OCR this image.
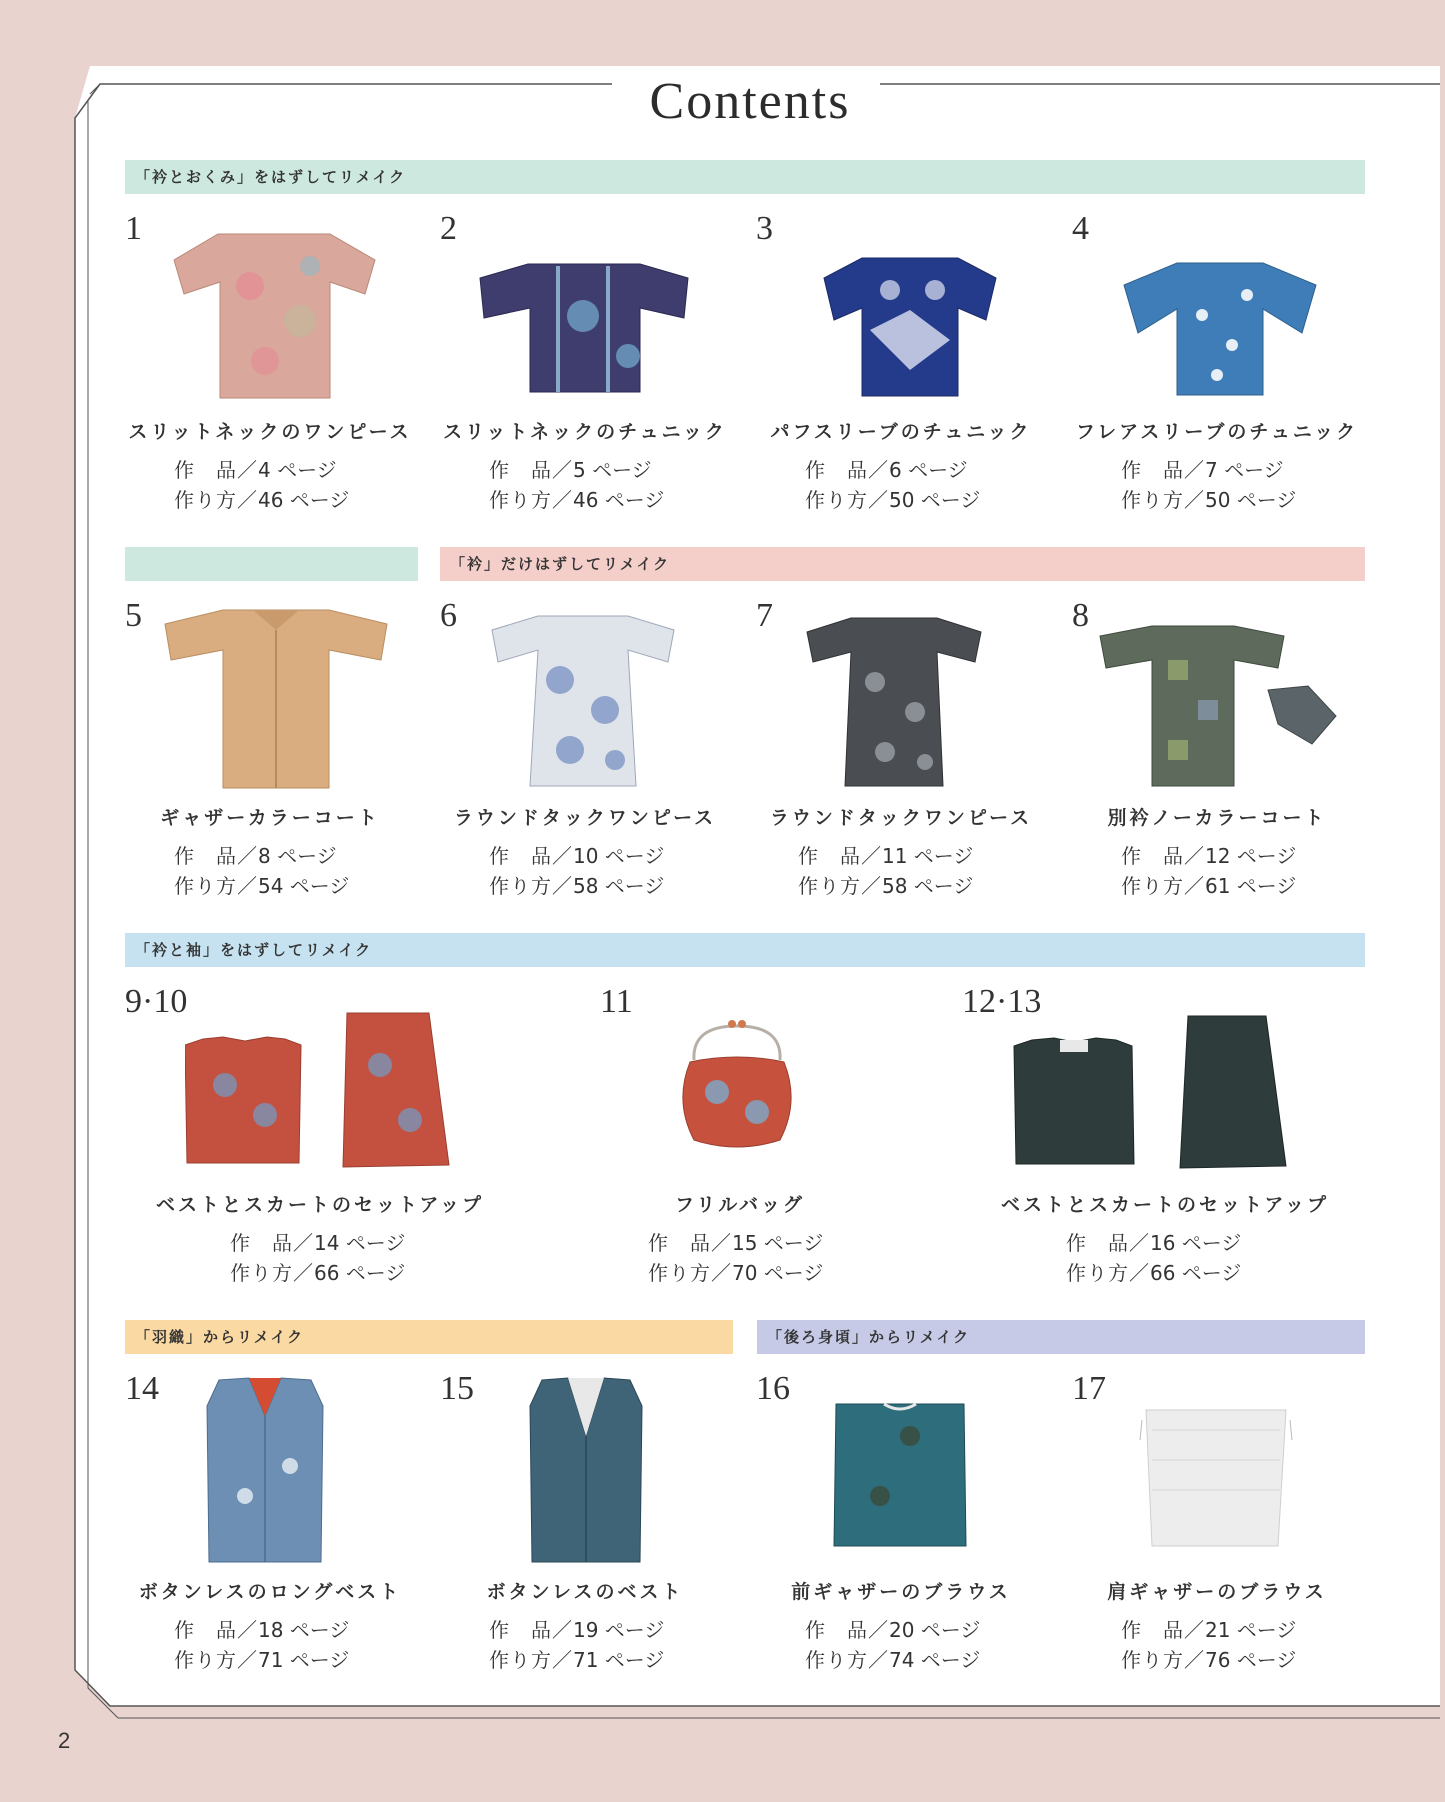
Contents
2
「衿とおくみ」をはずしてリメイク
「衿」だけはずしてリメイク
「衿と袖」をはずしてリメイク
「羽織」からリメイク	「後ろ身頃」からリメイク
1
スリットネックのワンピース
作　品／4 ページ
作り方／46 ページ
2
スリットネックのチュニック
作　品／5 ページ
作り方／46 ページ
3
パフスリーブのチュニック
作　品／6 ページ
作り方／50 ページ
4
フレアスリーブのチュニック
作　品／7 ページ
作り方／50 ページ
5
ギャザーカラーコート
作　品／8 ページ
作り方／54 ページ
6
ラウンドタックワンピース
作　品／10 ページ
作り方／58 ページ
7
ラウンドタックワンピース
作　品／11 ページ
作り方／58 ページ
8
別衿ノーカラーコート
作　品／12 ページ
作り方／61 ページ
9·10
ベストとスカートのセットアップ
作　品／14 ページ
作り方／66 ページ
11
フリルバッグ
作　品／15 ページ
作り方／70 ページ
12·13
ベストとスカートのセットアップ
作　品／16 ページ
作り方／66 ページ
14
ボタンレスのロングベスト
作　品／18 ページ
作り方／71 ページ
15
ボタンレスのベスト
作　品／19 ページ
作り方／71 ページ
16
前ギャザーのブラウス
作　品／20 ページ
作り方／74 ページ
17
肩ギャザーのブラウス
作　品／21 ページ
作り方／76 ページ
